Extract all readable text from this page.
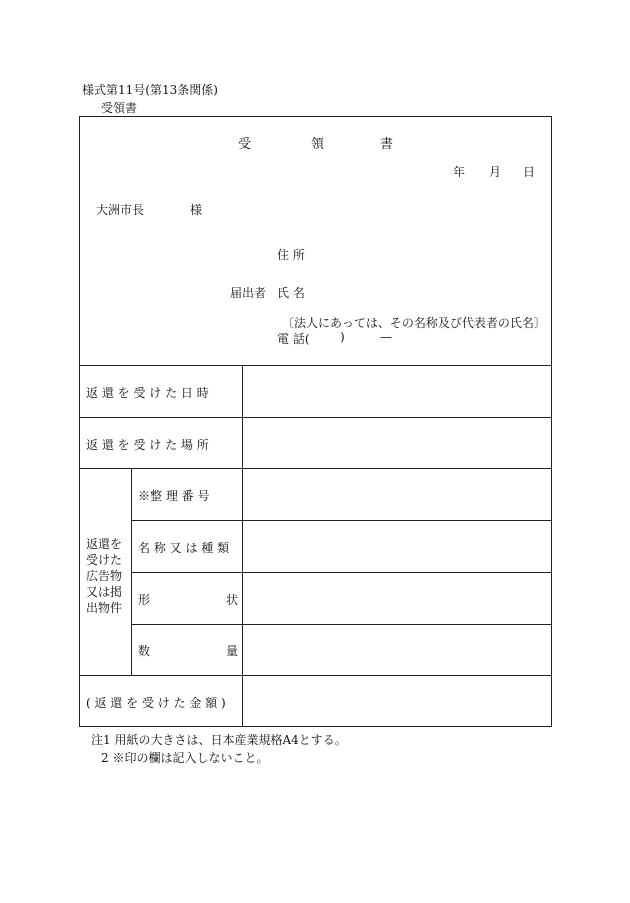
様式第11号(第13条関係)
受領書
受	領	書
年 月 日
大洲市長	様
住 所
届出者 氏 名
〔法人にあっては、その名称及び代表者の氏名〕
電 話(	)	—
返 還 を 受 け た 日 時
返 還 を 受 け た 場 所
返還を
受けた
広告物
又は掲
出物件
※整 理 番 号
名 称 又 は 種 類
形	状
数	量
( 返 還 を 受 け た 金 額 )
注1 用紙の大きさは、日本産業規格A4とする。
2 ※印の欄は記入しないこと。
